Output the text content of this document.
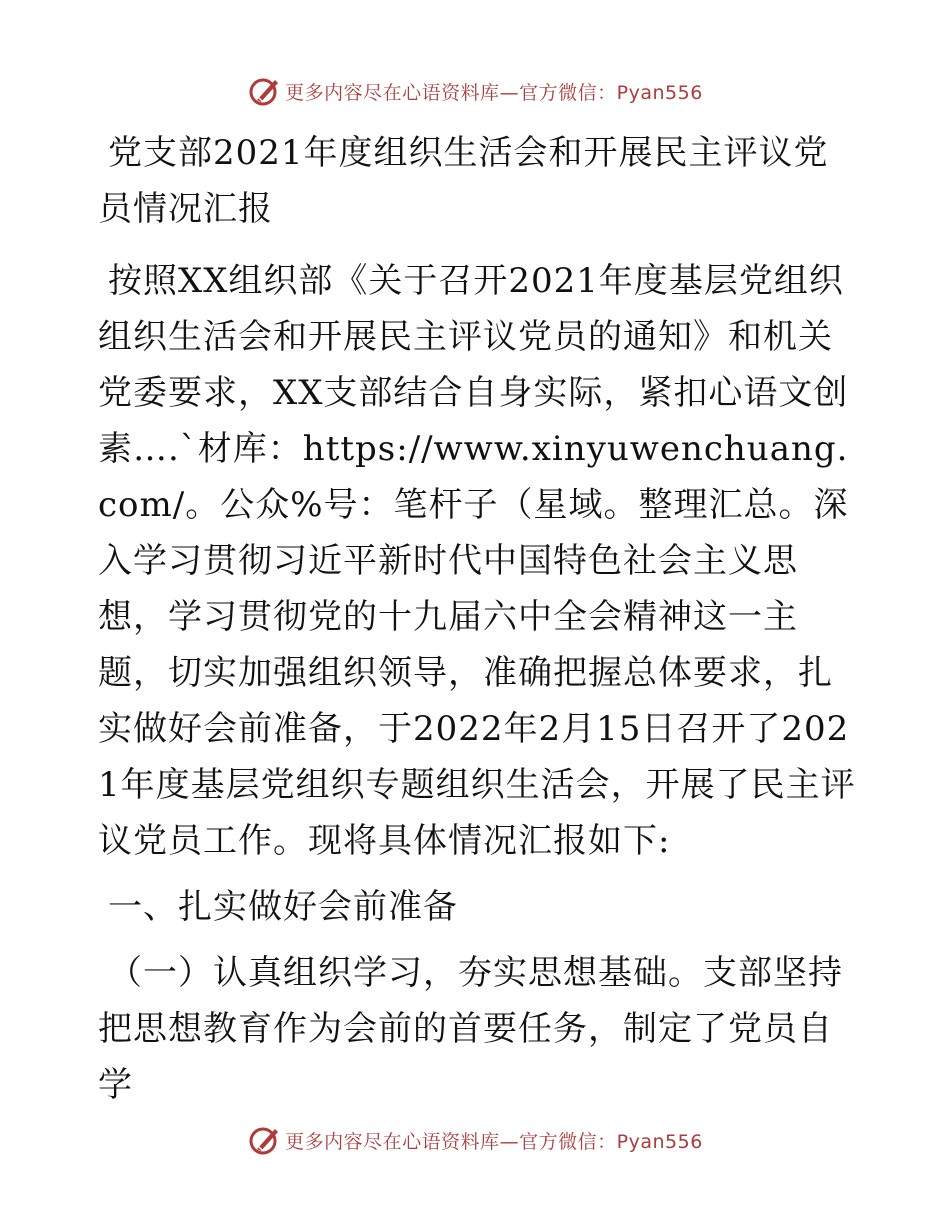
更多内容尽在心语资料库—官方微信：Pyan556
党支部2021年度组织生活会和开展民主评议党员情况汇报

按照XX组织部《关于召开2021年度基层党组织组织生活会和开展民主评议党员的通知》和机关党委要求，XX支部结合自身实际，紧扣心语文创素….`材库：https://www.xinyuwenchuang.com/。公众%号：笔杆子（星域。整理汇总。深入学习贯彻习近平新时代中国特色社会主义思想，学习贯彻党的十九届六中全会精神这一主题，切实加强组织领导，准确把握总体要求，扎实做好会前准备，于2022年2月15日召开了2021年度基层党组织专题组织生活会，开展了民主评议党员工作。现将具体情况汇报如下:

一、扎实做好会前准备

（一）认真组织学习，夯实思想基础。支部坚持把思想教育作为会前的首要任务，制定了党员自学

更多内容尽在心语资料库—官方微信：Pyan556
